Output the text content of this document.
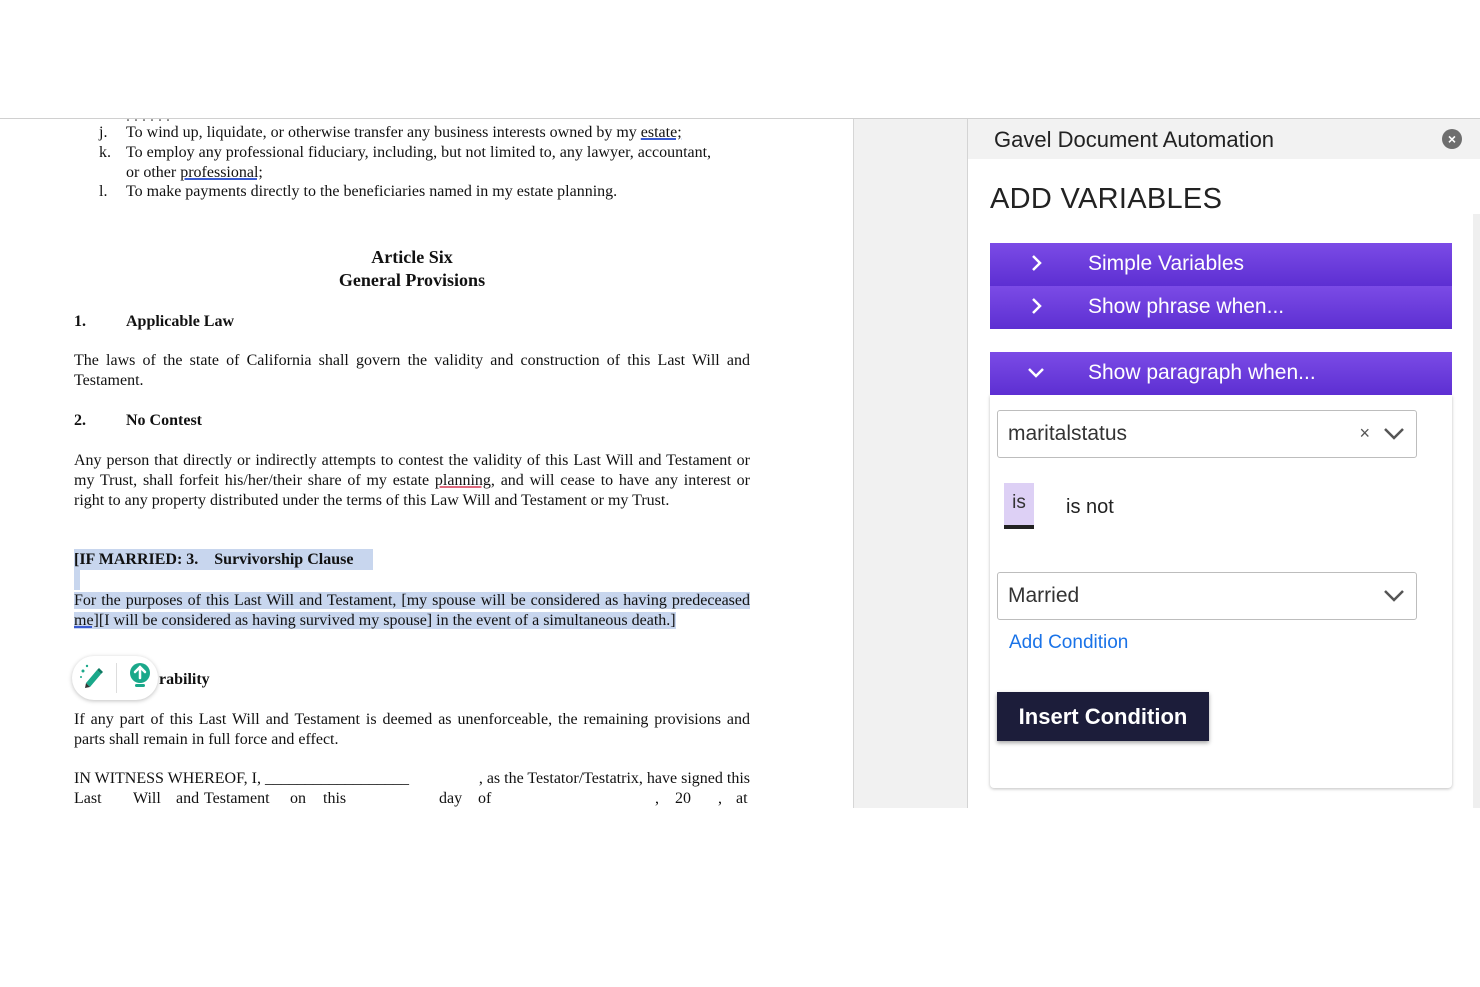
. . . . . .
j. To wind up, liquidate, or otherwise transfer any business interests owned by my estate;
k. To employ any professional fiduciary, including, but not limited to, any lawyer, accountant,
or other professional;
l. To make payments directly to the beneficiaries named in my estate planning.
Article Six
General Provisions
1.	Applicable Law
The laws of the state of California shall govern the validity and construction of this Last Will and Testament.
2.	No Contest
Any person that directly or indirectly attempts to contest the validity of this Last Will and Testament or my Trust, shall forfeit his/her/their share of my estate planning, and will cease to have any interest or right to any property distributed under the terms of this Law Will and Testament or my Trust.
[IF MARRIED: 3. Survivorship Clause
For the purposes of this Last Will and Testament, [my spouse will be considered as having predeceased me][I will be considered as having survived my spouse] in the event of a simultaneous death.]
rability
If any part of this Last Will and Testament is deemed as unenforceable, the remaining provisions and parts shall remain in full force and effect.
IN WITNESS WHEREOF, I, __________________	, as the Testator/Testatrix, have signed this
Last Will and Testament on this	day of	, 20 , at
Gavel Document Automation	×
ADD VARIABLES
Simple Variables
Show phrase when...
Show paragraph when...
maritalstatus	×
is	is not
Married
Add Condition
Insert Condition
